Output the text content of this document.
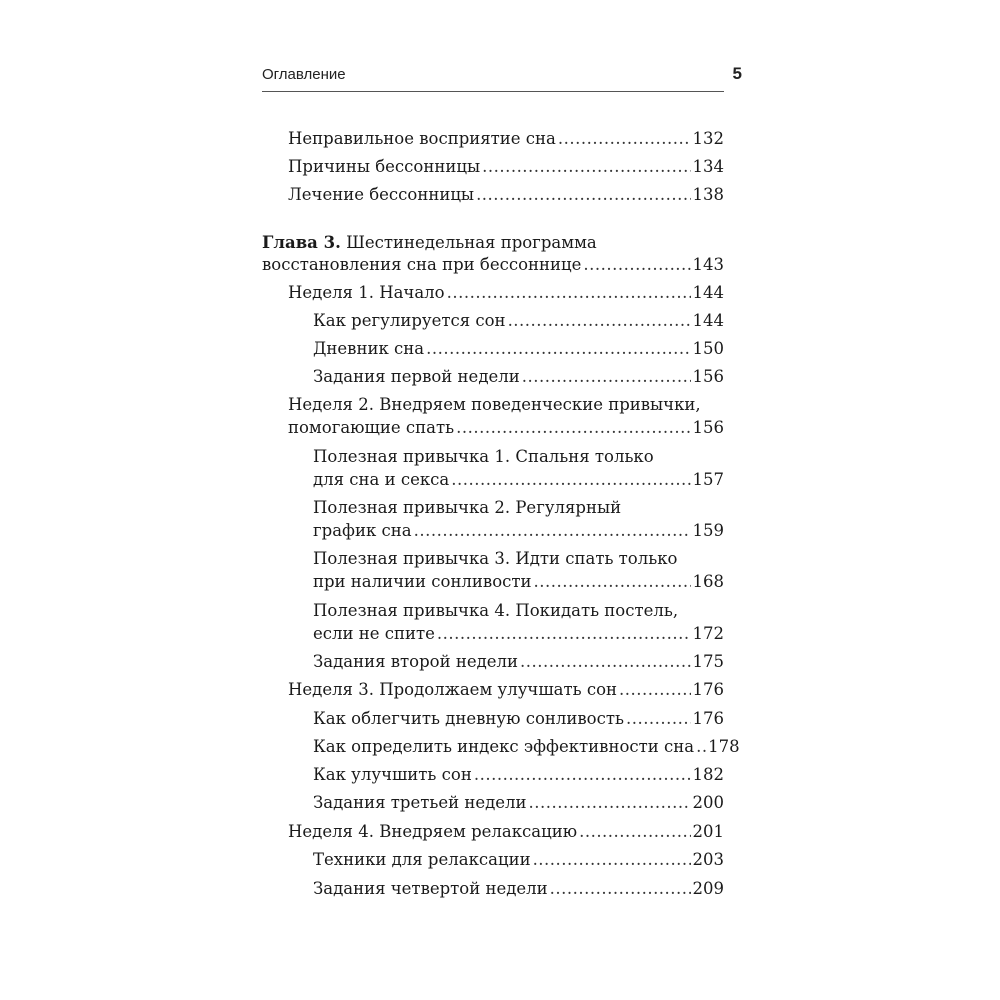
Оглавление	5
Неправильное восприятие сна .....	132
Причины бессонницы .....	134
Лечение бессонницы .....	138
Глава 3. Шестинедельная программа
восстановления сна при бессоннице .....	143
Неделя 1. Начало .....	144
Как регулируется сон .....	144
Дневник сна .....	150
Задания первой недели .....	156
Неделя 2. Внедряем поведенческие привычки,
помогающие спать .....	156
Полезная привычка 1. Спальня только
для сна и секса .....	157
Полезная привычка 2. Регулярный
график сна .....	159
Полезная привычка 3. Идти спать только
при наличии сонливости .....	168
Полезная привычка 4. Покидать постель,
если не спите .....	172
Задания второй недели .....	175
Неделя 3. Продолжаем улучшать сон .....	176
Как облегчить дневную сонливость .....	176
Как определить индекс эффективности сна ..... 178
Как улучшить сон .....	182
Задания третьей недели .....	200
Неделя 4. Внедряем релаксацию .....	201
Техники для релаксации .....	203
Задания четвертой недели .....	209
